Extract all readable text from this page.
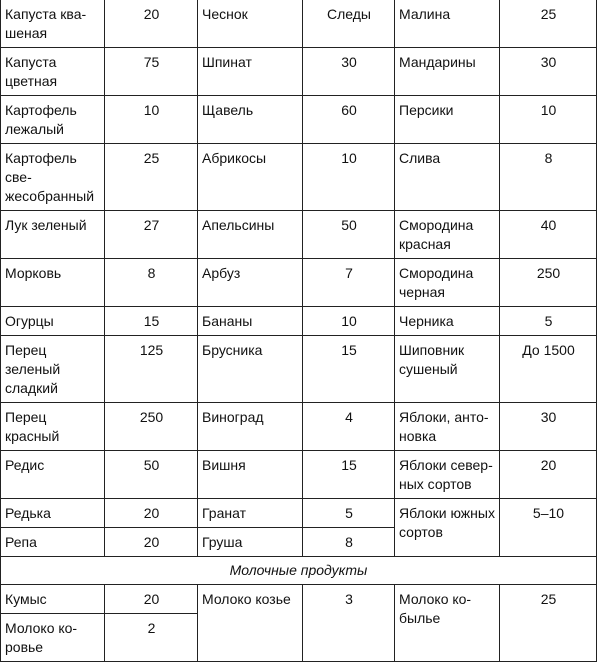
Капуста ква-шеная	20	Чеснок	Следы	Малина	25
Капуста цветная	75	Шпинат	30	Мандарины	30
Картофель лежалый	10	Щавель	60	Персики	10
Картофель све-жесобранный	25	Абрикосы	10	Слива	8
Лук зеленый	27	Апельсины	50	Смородина красная	40
Морковь	8	Арбуз	7	Смородина черная	250
Огурцы	15	Бананы	10	Черника	5
Перец зеленый сладкий	125	Брусника	15	Шиповник сушеный	До 1500
Перец красный	250	Виноград	4	Яблоки, анто-новка	30
Редис	50	Вишня	15	Яблоки север-ных сортов	20
Редька	20	Гранат	5	Яблоки южных сортов	5–10
Репа	20	Груша	8		
Молочные продукты					
Кумыс	20	Молоко козье	3	Молоко ко-былье	25
Молоко ко-ровье	2				
